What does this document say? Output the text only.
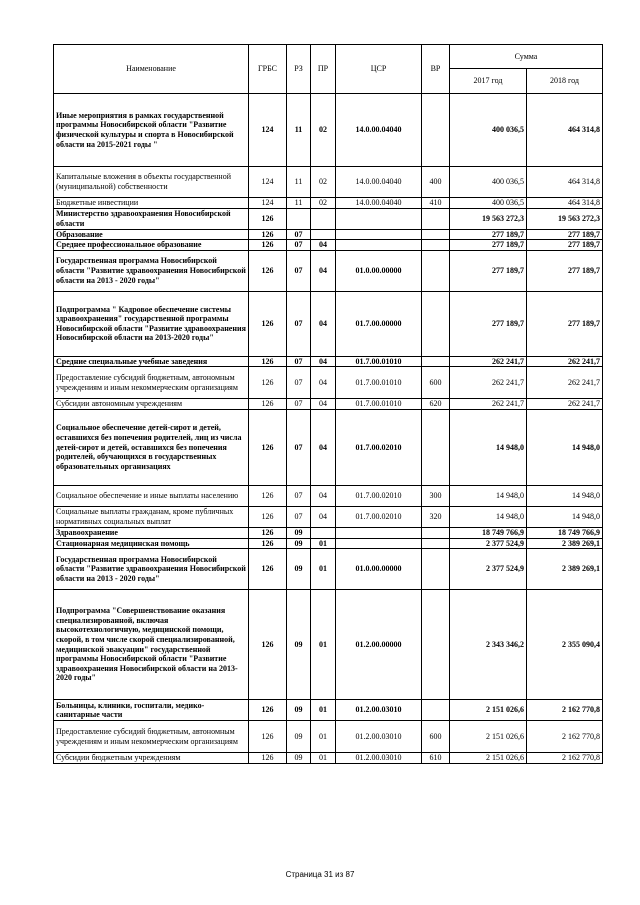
Наименование	ГРБС	РЗ	ПР	ЦСР	ВР	Сумма	
						2017 год	2018 год
Иные мероприятия в рамках государственной программы Новосибирской области "Развитие физической культуры и спорта в Новосибирской области на 2015-2021 годы "	124	11	02	14.0.00.04040		400 036,5	464 314,8
Капитальные вложения в объекты государственной (муниципальной) собственности	124	11	02	14.0.00.04040	400	400 036,5	464 314,8
Бюджетные инвестиции	124	11	02	14.0.00.04040	410	400 036,5	464 314,8
Министерство здравоохранения Новосибирской области	126					19 563 272,3	19 563 272,3
Образование	126	07				277 189,7	277 189,7
Среднее профессиональное образование	126	07	04			277 189,7	277 189,7
Государственная программа Новосибирской области "Развитие здравоохранения Новосибирской области на 2013 - 2020 годы"	126	07	04	01.0.00.00000		277 189,7	277 189,7
Подпрограмма " Кадровое обеспечение системы здравоохранения" государственной программы Новосибирской области "Развитие здравоохранения Новосибирской области на 2013-2020 годы"	126	07	04	01.7.00.00000		277 189,7	277 189,7
Средние специальные учебные заведения	126	07	04	01.7.00.01010		262 241,7	262 241,7
Предоставление субсидий бюджетным, автономным учреждениям и иным некоммерческим организациям	126	07	04	01.7.00.01010	600	262 241,7	262 241,7
Субсидии автономным учреждениям	126	07	04	01.7.00.01010	620	262 241,7	262 241,7
Социальное обеспечение детей-сирот и детей, оставшихся без попечения родителей, лиц из числа детей-сирот и детей, оставшихся без попечения родителей, обучающихся в государственных образовательных организациях	126	07	04	01.7.00.02010		14 948,0	14 948,0
Социальное обеспечение и иные выплаты населению	126	07	04	01.7.00.02010	300	14 948,0	14 948,0
Социальные выплаты гражданам, кроме публичных нормативных социальных выплат	126	07	04	01.7.00.02010	320	14 948,0	14 948,0
Здравоохранение	126	09				18 749 766,9	18 749 766,9
Стационарная медицинская помощь	126	09	01			2 377 524,9	2 389 269,1
Государственная программа Новосибирской области "Развитие здравоохранения Новосибирской области на 2013 - 2020 годы"	126	09	01	01.0.00.00000		2 377 524,9	2 389 269,1
Подпрограмма "Совершенствование оказания специализированной, включая высокотехнологичную, медицинской помощи, скорой, в том числе скорой специализированной, медицинской эвакуации" государственной программы Новосибирской области "Развитие здравоохранения Новосибирской области на 2013-2020 годы"	126	09	01	01.2.00.00000		2 343 346,2	2 355 090,4
Больницы, клиники, госпитали, медико-санитарные части	126	09	01	01.2.00.03010		2 151 026,6	2 162 770,8
Предоставление субсидий бюджетным, автономным учреждениям и иным некоммерческим организациям	126	09	01	01.2.00.03010	600	2 151 026,6	2 162 770,8
Субсидии бюджетным учреждениям	126	09	01	01.2.00.03010	610	2 151 026,6	2 162 770,8
Страница 31 из 87
